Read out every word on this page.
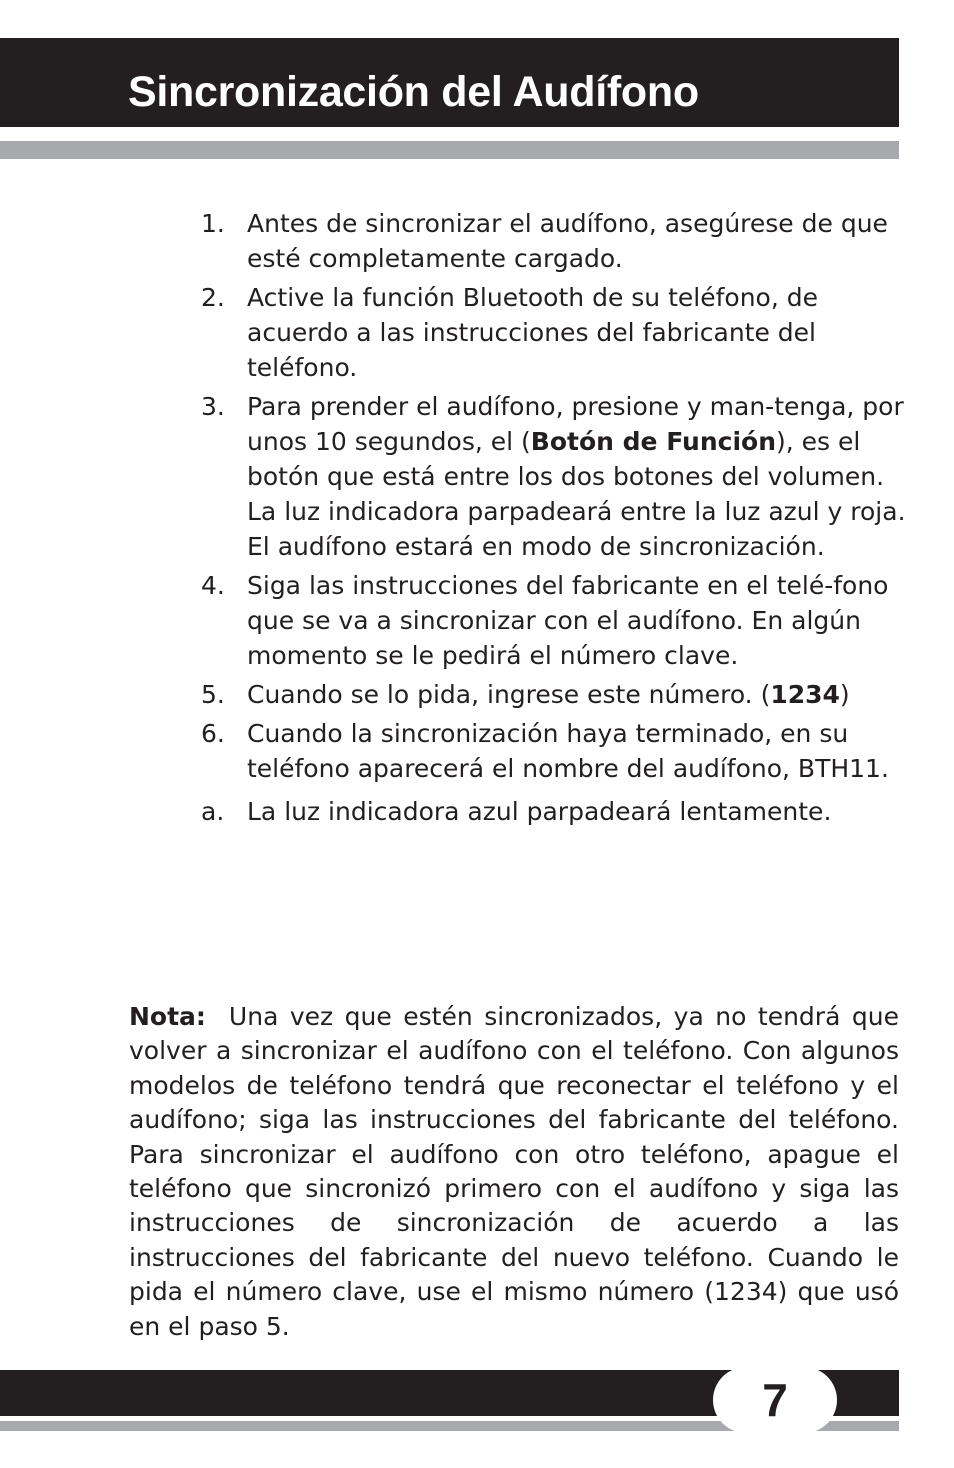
Sincronización del Audífono
1. Antes de sincronizar el audífono, asegúrese de que esté completamente cargado.
2. Active la función Bluetooth de su teléfono, de acuerdo a las instrucciones del fabricante del teléfono.
3. Para prender el audífono, presione y man-tenga, por unos 10 segundos, el (Botón de Función), es el botón que está entre los dos botones del volumen. La luz indicadora parpadeará entre la luz azul y roja. El audífono estará en modo de sincronización.
4. Siga las instrucciones del fabricante en el telé-fono que se va a sincronizar con el audífono. En algún momento se le pedirá el número clave.
5. Cuando se lo pida, ingrese este número. (1234)
6. Cuando la sincronización haya terminado, en su teléfono aparecerá el nombre del audífono, BTH11.
a. La luz indicadora azul parpadeará lentamente.

Nota: Una vez que estén sincronizados, ya no tendrá que volver a sincronizar el audífono con el teléfono. Con algunos modelos de teléfono tendrá que reconectar el teléfono y el audífono; siga las instrucciones del fabricante del teléfono. Para sincronizar el audífono con otro teléfono, apague el teléfono que sincronizó primero con el audífono y siga las instrucciones de sincronización de acuerdo a las instrucciones del fabricante del nuevo teléfono. Cuando le pida el número clave, use el mismo número (1234) que usó en el paso 5.

7
